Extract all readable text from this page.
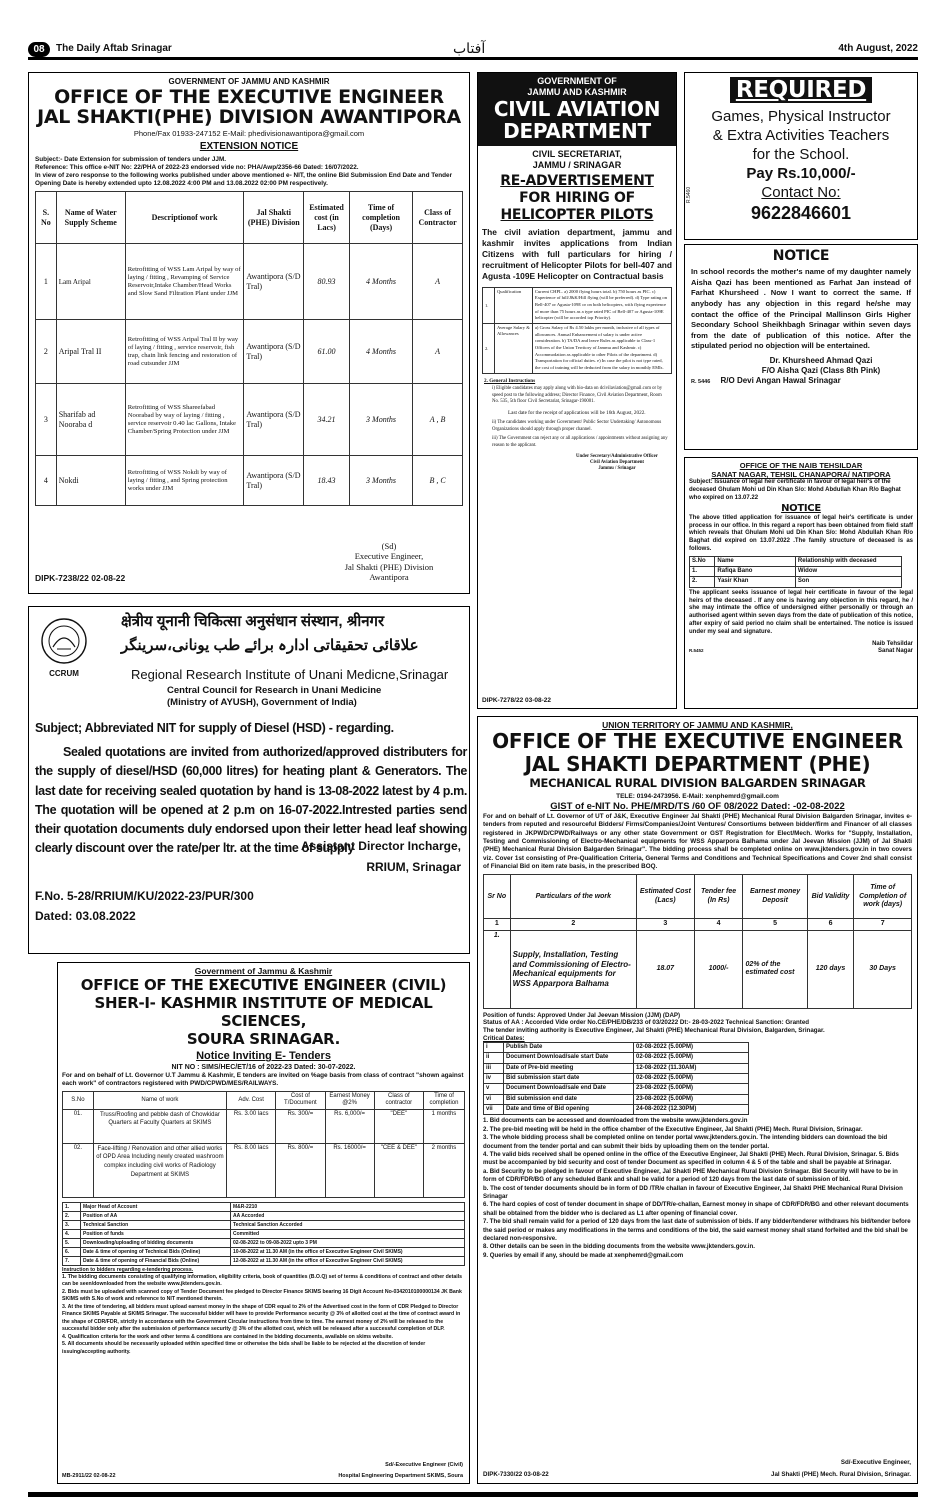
08	The Daily Aftab Srinagar	آفتاب	4th August, 2022
GOVERNMENT OF JAMMU AND KASHMIR
OFFICE OF THE EXECUTIVE ENGINEER
JAL SHAKTI(PHE) DIVISION AWANTIPORA
Phone/Fax 01933-247152 E-Mail: phedivisionawantipora@gmail.com
EXTENSION NOTICE
Subject:- Date Extension for submission of tenders under JJM.
Reference: This office e-NIT No: 22/PHA of 2022-23 endorsed vide no: PHA/Awp/2356-66 Dated: 16/07/2022.
In view of zero response to the following works published under above mentioned e- NIT, the online Bid Submission End Date and Tender Opening Date is hereby extended upto 12.08.2022 4:00 PM and 13.08.2022 02:00 PM respectively.
S. No	Name of Water Supply Scheme	Descriptionof work	Jal Shakti (PHE) Division	Estimated cost (in Lacs)	Time of completion (Days)	Class of Contractor
1	Lam Aripal	Retrofitting of WSS Lam Aripal by way of laying / fitting , Revamping of Service Reservoir,Intake Chamber/Head Works and Slow Sand Filtration Plant under JJM	Awantipora (S/D Tral)	80.93	4 Months	A
2	Aripal Tral II	Retrofitting of WSS Aripal Tral II by way of laying / fitting , service reservoir, fish trap, chain link fencing and restoration of road cutsunder JJM	Awantipora (S/D Tral)	61.00	4 Months	A
3	Sharifab ad Nooraba d	Retrofitting of WSS Shareefabad Noorabad by way of laying / fitting , service reservoir 0.40 lac Gallons, Intake Chamber/Spring Protection under JJM	Awantipora (S/D Tral)	34.21	3 Months	A , B
4	Nokdi	Retrofitting of WSS Nokdi by way of laying / fitting , and Spring protection works under JJM	Awantipora (S/D Tral)	18.43	3 Months	B , C
(Sd)
Executive Engineer,
Jal Shakti (PHE) Division
Awantipora
DIPK-7238/22 02-08-22
GOVERNMENT OF
JAMMU AND KASHMIR
CIVIL AVIATION
DEPARTMENT
CIVIL SECRETARIAT,
JAMMU / SRINAGAR
RE-ADVERTISEMENT
FOR HIRING OF
HELICOPTER PILOTS
The civil aviation department, jammu and kashmir invites applications from Indian Citizens with full particulars for hiring / recruitment of Helicopter Pilots for bell-407 and Agusta -109E Helicopter on Contractual basis
1.	Qualification	Current CHPL. a) 2000 flying hours total. b) 750 hours as PIC. c) Experience of hill/J&K/Hill flying (will be preferred). d) Type rating on Bell-407 or Agusta-109E or on both helicopters, with flying experience of more than 75 hours as a type rated PIC of Bell-407 or Agusta-109E helicopter (will be accorded top Priority).
2.	Average Salary & Allowances	a) Gross Salary of Rs 4.50 lakhs per month, inclusive of all types of allowances. Annual Enhancement of salary is under active consideration. b) TA/DA and leave Rules as applicable to Class-1 Officers of the Union Territory of Jammu and Kashmir. c) Accommodation as applicable to other Pilots of the department. d) Transportation for official duties. e) In case the pilot is not type rated, the cost of training will be deducted from the salary in monthly EMIs.
2. General Instructions
i) Eligible candidates may apply along with bio-data on dcivilaviation@gmail.com or by speed post to the following address; Director Finance, Civil Aviation Department, Room No. 535, 5th floor Civil Secretariat, Srinagar-190001.
Last date for the receipt of applications will be 16th August, 2022.
ii) The candidates working under Government/ Public Sector Undertaking/ Autonomous Organizations should apply through proper channel.
iii) The Government can reject any or all applications / appointments without assigning any reason to the applicant.
Under Secretary/Administrative Officer
Civil Aviation Department
Jammu / Srinagar
DIPK-7278/22 03-08-22
REQUIRED
Games, Physical Instructor
& Extra Activities Teachers
for the School.
Pay Rs.10,000/-
Contact No:
9622846601
R.5460
NOTICE
In school records the mother's name of my daughter namely Aisha Qazi has been mentioned as Farhat Jan instead of Farhat Khursheed . Now I want to correct the same. If anybody has any objection in this regard he/she may contact the office of the Principal Mallinson Girls Higher Secondary School Sheikhbagh Srinagar within seven days from the date of publication of this notice. After the stipulated period no objection will be entertained.
Dr. Khursheed Ahmad Qazi
F/O Aisha Qazi (Class 8th Pink)
R. 5446 R/O Devi Angan Hawal Srinagar
OFFICE OF THE NAIB TEHSILDAR
SANAT NAGAR, TEHSIL CHANAPORA/ NATIPORA
Subject: Issuance of legal heir certificate in favour of legal heir's of the deceased Ghulam Mohi ud Din Khan S/o: Mohd Abdullah Khan R/o Baghat who expired on 13.07.22
NOTICE
The above titled application for issuance of legal heir's certificate is under process in our office. In this regard a report has been obtained from field staff which reveals that Ghulam Mohi ud Din Khan S/o: Mohd Abdullah Khan R/o Baghat did expired on 13.07.2022 .The family structure of deceased is as follows.
S.No	Name	Relationship with deceased
1.	Rafiqa Bano	Widow
2.	Yasir Khan	Son
The applicant seeks issuance of legal heir certificate in favour of the legal heirs of the deceased . If any one is having any objection in this regard, he / she may intimate the office of undersigned either personally or through an authorised agent within seven days from the date of publication of this notice, after expiry of said period no claim shall be entertained. The notice is issued under my seal and signature.
Naib Tehsildar
R.5452	Sanat Nagar
CCRUM
क्षेत्रीय यूनानी चिकित्सा अनुसंधान संस्थान, श्रीनगर
علاقائی تحقیقاتی ادارہ برائے طب یونانی،سرینگر
Regional Research Institute of Unani Medicne,Srinagar
Central Council for Research in Unani Medicine
(Ministry of AYUSH), Government of India)
Subject; Abbreviated NIT for supply of Diesel (HSD) - regarding.
Sealed quotations are invited from authorized/approved distributers for the supply of diesel/HSD (60,000 litres) for heating plant & Generators. The last date for receiving sealed quotation by hand is 13-08-2022 latest by 4 p.m. The quotation will be opened at 2 p.m on 16-07-2022.Intrested parties send their quotation documents duly endorsed upon their letter head leaf showing clearly discount over the rate/per ltr. at the time of supply
Assistant Director Incharge,
RRIUM, Srinagar
F.No. 5-28/RRIUM/KU/2022-23/PUR/300
Dated: 03.08.2022
Government of Jammu & Kashmir
OFFICE OF THE EXECUTIVE ENGINEER (CIVIL)
SHER-I- KASHMIR INSTITUTE OF MEDICAL SCIENCES,
SOURA SRINAGAR.
Notice Inviting E- Tenders
NIT NO : SIMS/HEC/ET/16 of 2022-23 Dated: 30-07-2022.
For and on behalf of Lt. Governor U.T Jammu & Kashmir, E tenders are invited on %age basis from class of contract "shown against each work" of contractors registered with PWD/CPWD/MES/RAILWAYS.
S.No	Name of work	Adv. Cost	Cost of T/Document	Earnest Money @2%	Class of contractor	Time of completion
01.	Truss/Roofing and pebble dash of Chowkidar Quarters at Faculty Quarters at SKIMS	Rs. 3.00 lacs	Rs. 300/=	Rs. 6,000/=	"DEE"	1 months
02.	Face-lifting / Renovation and other allied works of OPD Area Including newly created washroom complex including civil works of Radiology Department at SKIMS	Rs. 8.00 lacs	Rs. 800/=	Rs. 16000/=	"CEE & DEE"	2 months
1.	Major Head of Account	M&R-2210
2.	Position of AA	AA Accorded
3.	Technical Sanction	Technical Sanction Accorded
4.	Position of funds	Committed
5.	Downloading/uploading of bidding documents	02-08-2022 to 09-08-2022 upto 3 PM
6.	Date & time of opening of Technical Bids (Online)	10-08-2022 at 11.30 AM (in the office of Executive Engineer Civil SKIMS)
7.	Date & time of opening of Financial Bids (Online)	12-08-2022 at 11.30 AM (in the office of Executive Engineer Civil SKIMS)
Instruction to bidders regarding e-tendering process.
1. The bidding documents consisting of qualifying information, eligibility criteria, book of quantities (B.O.Q) set of terms & conditions of contract and other details can be seen/downloaded from the website www.jktenders.gov.in.
2. Bids must be uploaded with scanned copy of Tender Document fee pledged to Director Finance SKIMS bearing 16 Digit Account No-0342010100000134 JK Bank SKIMS with S.No of work and reference to NIT mentioned therein.
3. At the time of tendering, all bidders must upload earnest money in the shape of CDR equal to 2% of the Advertised cost in the form of CDR Pledged to Director Finance SKIMS Payable at SKIMS Srinagar. The successful bidder will have to provide Performance security @ 3% of allotted cost at the time of contract award in the shape of CDR/FDR, strictly in accordance with the Government Circular instructions from time to time. The earnest money of 2% will be released to the successful bidder only after the submission of performance security @ 3% of the allotted cost, which will be released after a successful completion of DLP.
4. Qualification criteria for the work and other terms & conditions are contained in the bidding documents, available on skims website.
5. All documents should be necessarily uploaded within specified time or otherwise the bids shall be liable to be rejected at the discretion of tender issuing/accepting authority.
Sd/-Executive Engineer (Civil)
MB-2911/22 02-08-22	Hospital Engineering Department SKIMS, Soura
UNION TERRITORY OF JAMMU AND KASHMIR,
OFFICE OF THE EXECUTIVE ENGINEER
JAL SHAKTI DEPARTMENT (PHE)
MECHANICAL RURAL DIVISION BALGARDEN SRINAGAR
TELE: 0194-2473956. E-Mail: xenphemrd@gmail.com
GIST of e-NIT No. PHE/MRD/TS /60 OF 08/2022 Dated: -02-08-2022
For and on behalf of Lt. Governor of UT of J&K, Executive Engineer Jal Shakti (PHE) Mechanical Rural Division Balgarden Srinagar, invites e-tenders from reputed and resourceful Bidders/ Firms/Companies/Joint Ventures/ Consortiums between bidder/firm and Financer of all classes registered in JKPWD/CPWD/Railways or any other state Government or GST Registration for Elect/Mech. Works for "Supply, Installation, Testing and Commissioning of Electro-Mechanical equipments for WSS Apparpora Balhama under Jal Jeevan Mission (JJM) of Jal Shakti (PHE) Mechanical Rural Division Balgarden Srinagar". The bidding process shall be completed online on www.jktenders.gov.in in two covers viz. Cover 1st consisting of Pre-Qualification Criteria, General Terms and Conditions and Technical Specifications and Cover 2nd shall consist of Financial Bid on item rate basis, in the prescribed BOQ.
Sr No	Particulars of the work	Estimated Cost (Lacs)	Tender fee (In Rs)	Earnest money Deposit	Bid Validity	Time of Completion of work (days)
1	2	3	4	5	6	7
1.	Supply, Installation, Testing and Commissioning of Electro-Mechanical equipments for WSS Apparpora Balhama	18.07	1000/-	02% of the estimated cost	120 days	30 Days
Position of funds: Approved Under Jal Jeevan Mission (JJM) (DAP)
Status of AA : Accorded Vide order No.CE/PHE/DB/233 of 03/20222 Dt:- 28-03-2022 Technical Sanction: Granted
The tender inviting authority is Executive Engineer, Jal Shakti (PHE) Mechanical Rural Division, Balgarden, Srinagar.
Critical Dates:
i	Publish Date	02-08-2022 (5.00PM)
ii	Document Download/sale start Date	02-08-2022 (5.00PM)
iii	Date of Pre-bid meeting	12-08-2022 (11.30AM)
iv	Bid submission start date	02-08-2022 (5.00PM)
v	Document Download/sale end Date	23-08-2022 (5.00PM)
vi	Bid submission end date	23-08-2022 (5.00PM)
vii	Date and time of Bid opening	24-08-2022 (12.30PM)
1. Bid documents can be accessed and downloaded from the website www.jktenders.gov.in
2. The pre-bid meeting will be held in the office chamber of the Executive Engineer, Jal Shakti (PHE) Mech. Rural Division, Srinagar.
3. The whole bidding process shall be completed online on tender portal www.jktenders.gov.in. The intending bidders can download the bid document from the tender portal and can submit their bids by uploading them on the tender portal.
4. The valid bids received shall be opened online in the office of the Executive Engineer, Jal Shakti (PHE) Mech. Rural Division, Srinagar. 5. Bids must be accompanied by bid security and cost of tender Document as specified in column 4 & 5 of the table and shall be payable at Srinagar.
a. Bid Security to be pledged in favour of Executive Engineer, Jal Shakti PHE Mechanical Rural Division Srinagar. Bid Security will have to be in form of CDR/FDR/BG of any scheduled Bank and shall be valid for a period of 120 days from the last date of submission of bid.
b. The cost of tender documents should be in form of DD /TR/e challan in favour of Executive Engineer, Jal Shakti PHE Mechanical Rural Division Srinagar
6. The hard copies of cost of tender document in shape of DD/TR/e-challan, Earnest money in shape of CDR/FDR/BG and other relevant documents shall be obtained from the bidder who is declared as L1 after opening of financial cover.
7. The bid shall remain valid for a period of 120 days from the last date of submission of bids. If any bidder/tenderer withdraws his bid/tender before the said period or makes any modifications in the terms and conditions of the bid, the said earnest money shall stand forfeited and the bid shall be declared non-responsive.
8. Other details can be seen in the bidding documents from the website www.jktenders.gov.in.
9. Queries by email if any, should be made at xenphemrd@gmail.com
Sd/-Executive Engineer,
DIPK-7330/22 03-08-22	Jal Shakti (PHE) Mech. Rural Division, Srinagar.
